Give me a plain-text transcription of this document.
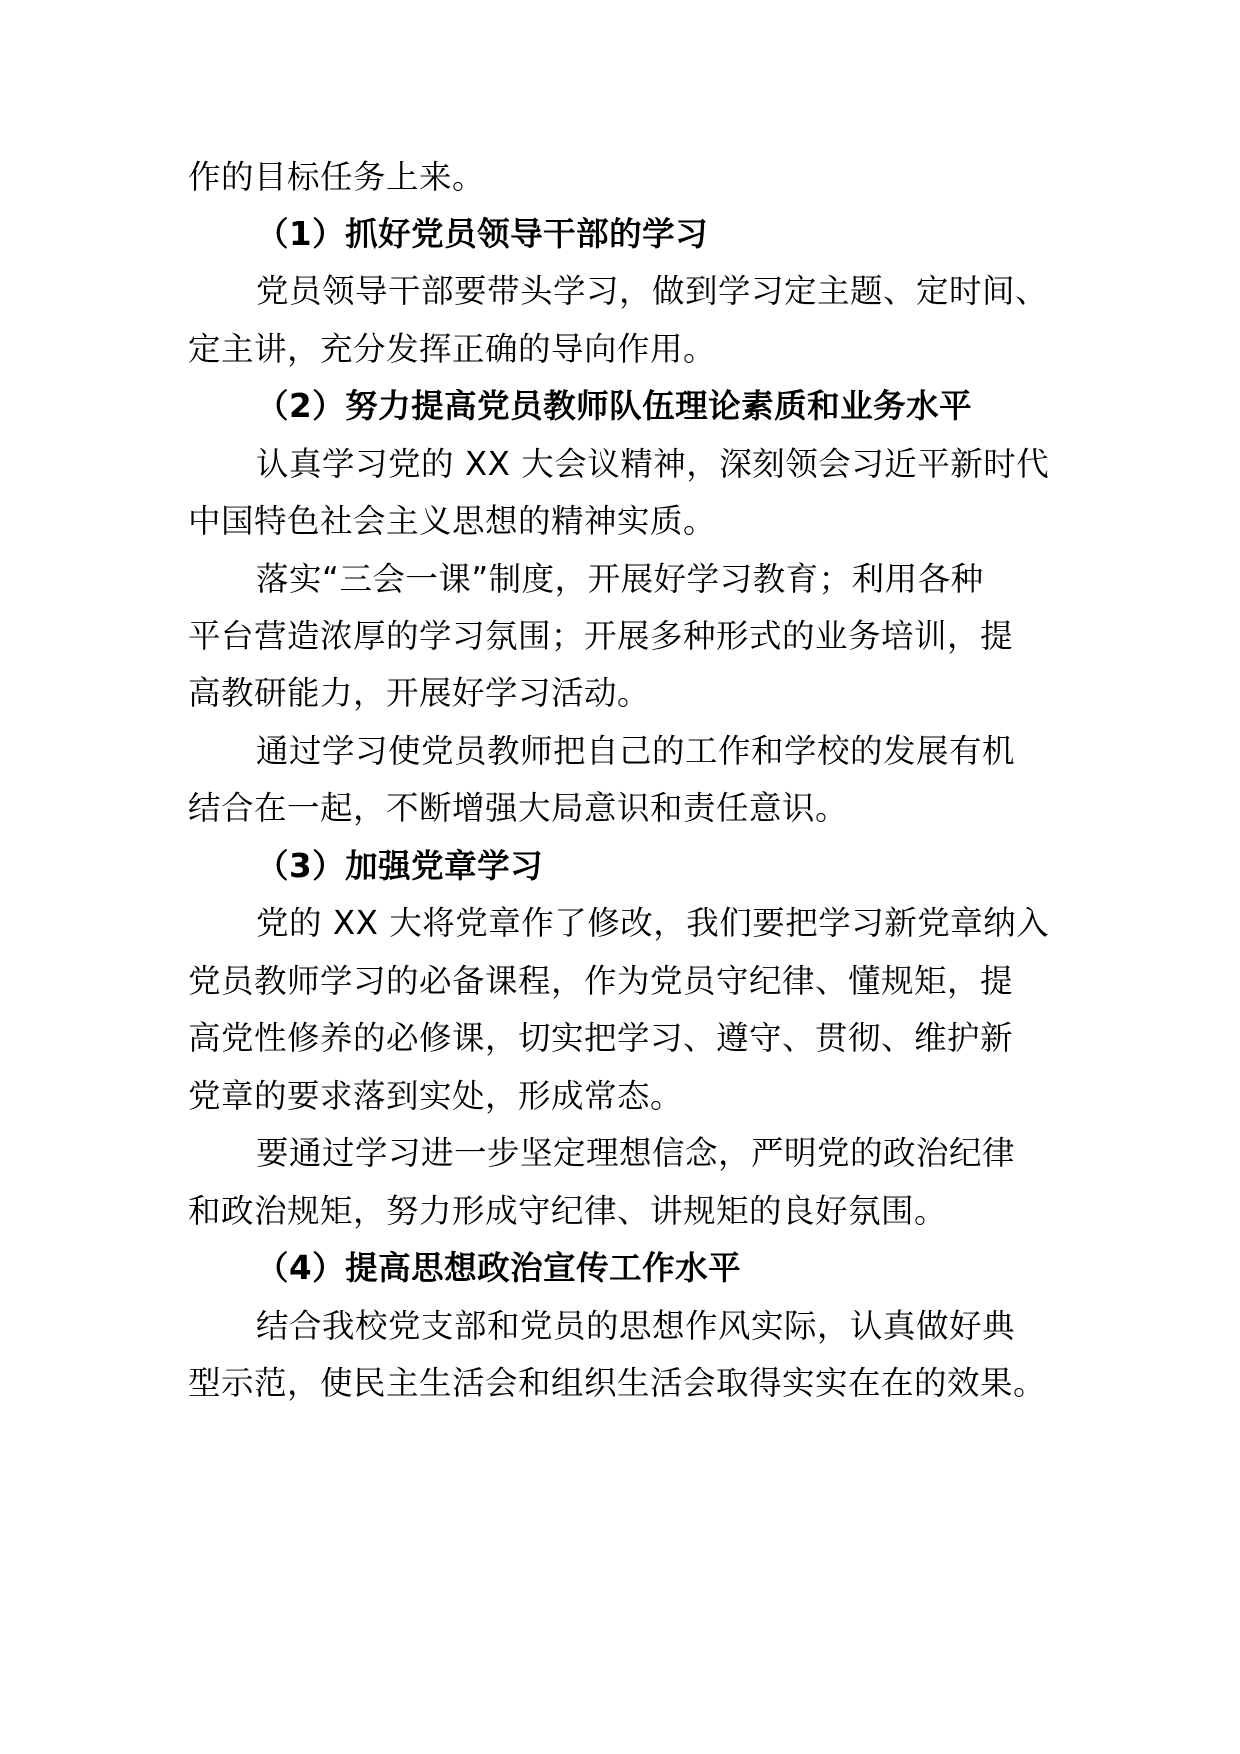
作的目标任务上来。
（1）抓好党员领导干部的学习
党员领导干部要带头学习，做到学习定主题、定时间、
定主讲，充分发挥正确的导向作用。
（2）努力提高党员教师队伍理论素质和业务水平
认真学习党的 XX 大会议精神，深刻领会习近平新时代
中国特色社会主义思想的精神实质。
落实“三会一课”制度，开展好学习教育；利用各种
平台营造浓厚的学习氛围；开展多种形式的业务培训，提
高教研能力，开展好学习活动。
通过学习使党员教师把自己的工作和学校的发展有机
结合在一起，不断增强大局意识和责任意识。
（3）加强党章学习
党的 XX 大将党章作了修改，我们要把学习新党章纳入
党员教师学习的必备课程，作为党员守纪律、懂规矩，提
高党性修养的必修课，切实把学习、遵守、贯彻、维护新
党章的要求落到实处，形成常态。
要通过学习进一步坚定理想信念，严明党的政治纪律
和政治规矩，努力形成守纪律、讲规矩的良好氛围。
（4）提高思想政治宣传工作水平
结合我校党支部和党员的思想作风实际，认真做好典
型示范，使民主生活会和组织生活会取得实实在在的效果。
